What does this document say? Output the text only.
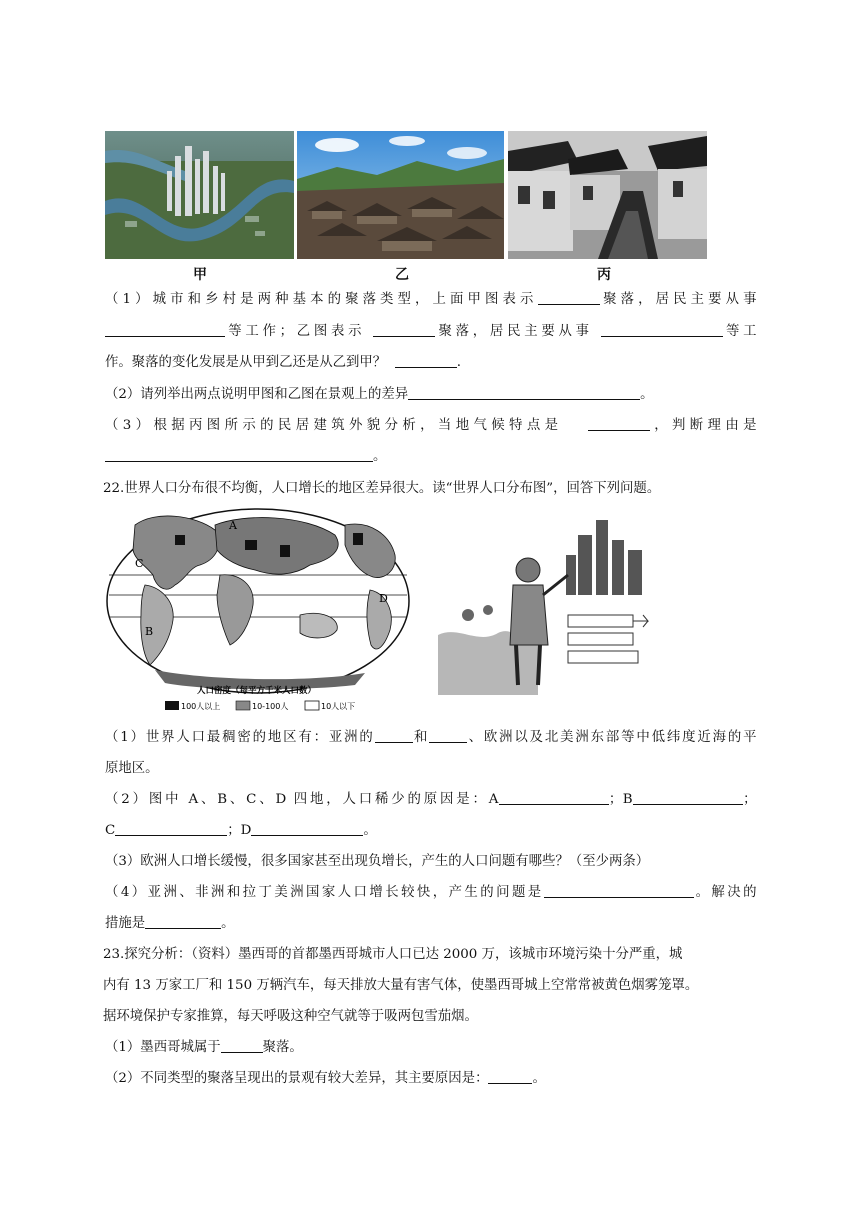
甲	乙	丙
（1）城市和乡村是两种基本的聚落类型，上面甲图表示	聚落，居民主要从事
等工作；乙图表示	聚落，居民主要从事	等工
作。聚落的变化发展是从甲到乙还是从乙到甲？	.
（2）请列举出两点说明甲图和乙图在景观上的差异	。
（3）根据丙图所示的民居建筑外貌分析，当地气候特点是	，判断理由是
。
22.世界人口分布很不均衡，人口增长的地区差异很大。读“世界人口分布图”，回答下列问题。
A
C
B
D
人口密度（每平方千米人口数）
100人以上	10-100人	10人以下
（1）世界人口最稠密的地区有：亚洲的	和	、欧洲以及北美洲东部等中低纬度近海的平
原地区。
（2）图中 A、B、C、D 四地，人口稀少的原因是：A	；B	；
C	；D	。
（3）欧洲人口增长缓慢，很多国家甚至出现负增长，产生的人口问题有哪些？（至少两条）
（4）亚洲、非洲和拉丁美洲国家人口增长较快，产生的问题是	。解决的
措施是	。
23.探究分析：（资料）墨西哥的首都墨西哥城市人口已达 2000 万，该城市环境污染十分严重，城
内有 13 万家工厂和 150 万辆汽车，每天排放大量有害气体，使墨西哥城上空常常被黄色烟雾笼罩。
据环境保护专家推算，每天呼吸这种空气就等于吸两包雪茄烟。
（1）墨西哥城属于	聚落。
（2）不同类型的聚落呈现出的景观有较大差异，其主要原因是：	。
